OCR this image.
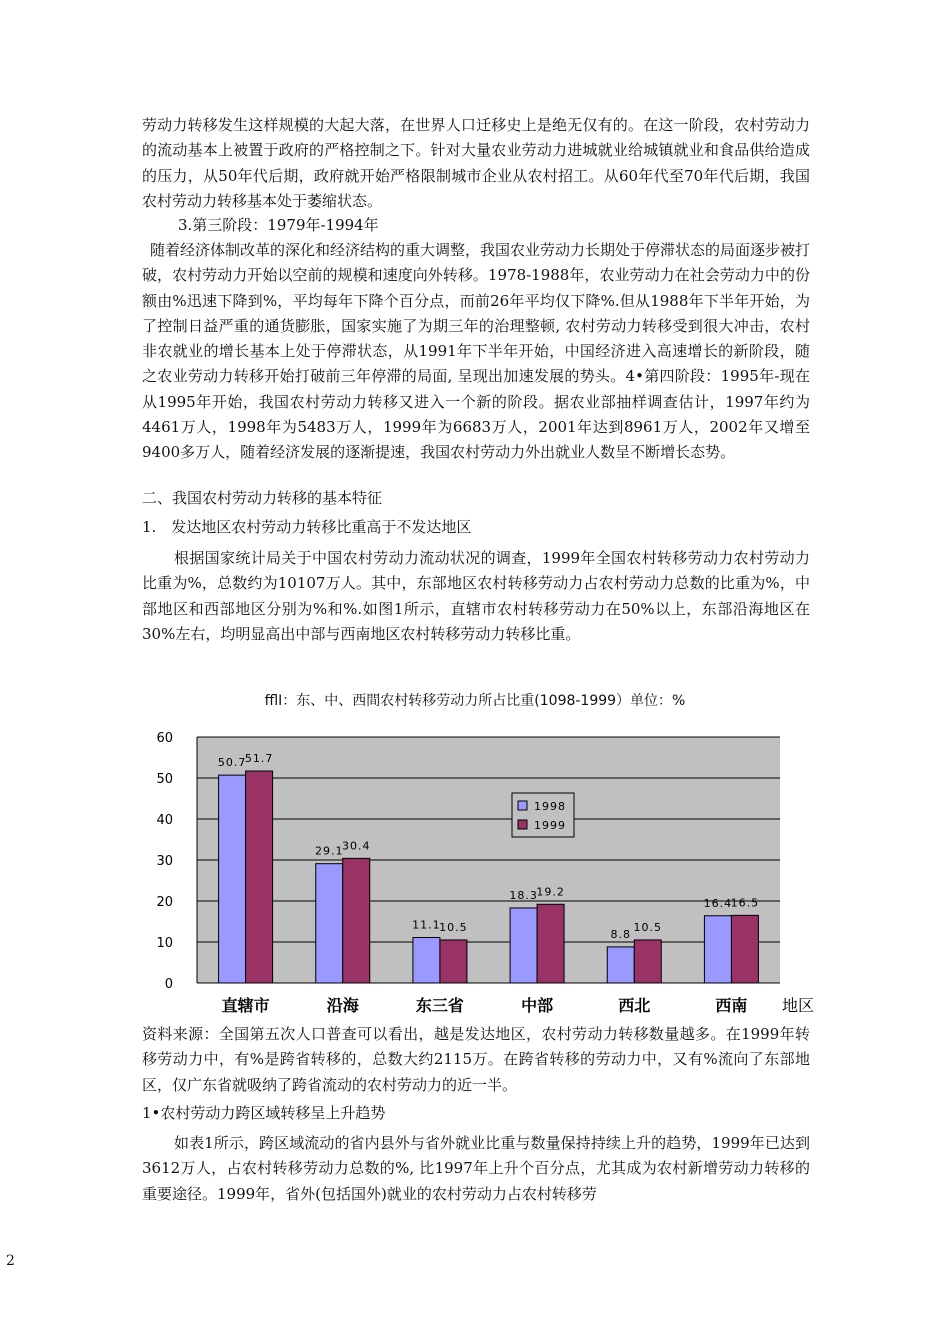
劳动力转移发生这样规模的大起大落，在世界人口迁移史上是绝无仅有的。在这一阶段，农村劳动力的流动基本上被置于政府的严格控制之下。针对大量农业劳动力进城就业给城镇就业和食品供给造成的压力，从50年代后期，政府就开始严格限制城市企业从农村招工。从60年代至70年代后期，我国农村劳动力转移基本处于萎缩状态。

3.第三阶段：1979年-1994年

随着经济体制改革的深化和经济结构的重大调整，我国农业劳动力长期处于停滞状态的局面逐步被打破，农村劳动力开始以空前的规模和速度向外转移。1978-1988年，农业劳动力在社会劳动力中的份额由%迅速下降到%，平均每年下降个百分点，而前26年平均仅下降%.但从1988年下半年开始，为了控制日益严重的通货膨胀，国家实施了为期三年的治理整顿, 农村劳动力转移受到很大冲击，农村非农就业的增长基本上处于停滞状态，从1991年下半年开始，中国经济进入高速增长的新阶段，随之农业劳动力转移开始打破前三年停滞的局面, 呈现出加速发展的势头。4•第四阶段：1995年-现在从1995年开始，我国农村劳动力转移又进入一个新的阶段。据农业部抽样调查估计，1997年约为4461万人，1998年为5483万人，1999年为6683万人，2001年达到8961万人，2002年又增至9400多万人，随着经济发展的逐渐提速，我国农村劳动力外出就业人数呈不断增长态势。

二、我国农村劳动力转移的基本特征

1.　发达地区农村劳动力转移比重高于不发达地区

根据国家统计局关于中国农村劳动力流动状况的调查，1999年全国农村转移劳动力农村劳动力比重为%，总数约为10107万人。其中，东部地区农村转移劳动力占农村劳动力总数的比重为%，中部地区和西部地区分别为%和%.如图1所示，直辖市农村转移劳动力在50%以上，东部沿海地区在30%左右，均明显高出中部与西南地区农村转移劳动力转移比重。

fflI：东、中、西間农村转移劳动力所占比重(1098-1999）单位：%
0
10
20
30
40
50
60
50.7
51.7
直辖市
29.1
30.4
沿海
11.1
10.5
东三省
18.3
19.2
中部
8.8
10.5
西北
16.4
16.5
西南 地区
1998
1999

资料来源：全国第五次人口普查可以看出，越是发达地区，农村劳动力转移数量越多。在1999年转移劳动力中，有%是跨省转移的，总数大约2115万。在跨省转移的劳动力中，又有%流向了东部地区，仅广东省就吸纳了跨省流动的农村劳动力的近一半。

1•农村劳动力跨区域转移呈上升趋势

如表1所示，跨区域流动的省内县外与省外就业比重与数量保持持续上升的趋势，1999年已达到3612万人，占农村转移劳动力总数的%, 比1997年上升个百分点，尤其成为农村新增劳动力转移的重要途径。1999年，省外(包括国外)就业的农村劳动力占农村转移劳

2
